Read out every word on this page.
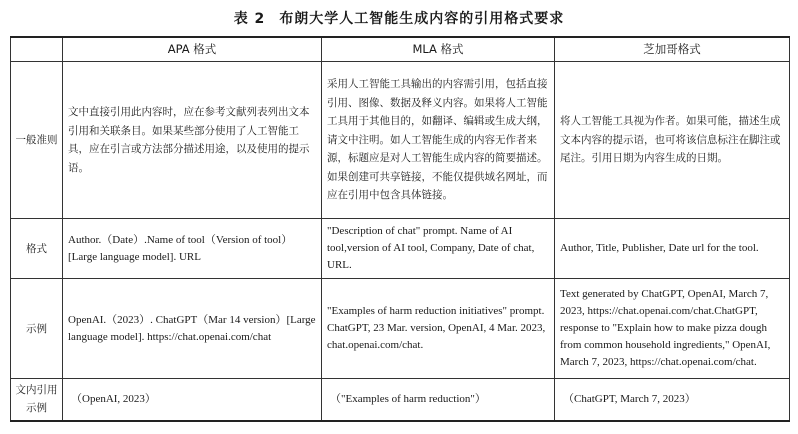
表 2 布朗大学人工智能生成内容的引用格式要求
	APA 格式	MLA 格式	芝加哥格式
一般准则	文中直接引用此内容时，应在参考文献列表列出文本引用和关联条目。如果某些部分使用了人工智能工具，应在引言或方法部分描述用途，以及使用的提示语。	采用人工智能工具输出的内容需引用，包括直接引用、图像、数据及释义内容。如果将人工智能工具用于其他目的，如翻译、编辑或生成大纲，请文中注明。如人工智能生成的内容无作者来源，标题应是对人工智能生成内容的简要描述。如果创建可共享链接，不能仅提供域名网址，而应在引用中包含具体链接。	将人工智能工具视为作者。如果可能，描述生成文本内容的提示语，也可将该信息标注在脚注或尾注。引用日期为内容生成的日期。
格式	Author.（Date）.Name of tool（Version of tool）[Large language model]. URL	"Description of chat" prompt. Name of AI tool,version of AI tool, Company, Date of chat, URL.	Author, Title, Publisher, Date url for the tool.
示例	OpenAI.（2023）. ChatGPT（Mar 14 version）[Large language model]. https://chat.openai.com/chat	"Examples of harm reduction initiatives" prompt. ChatGPT, 23 Mar. version, OpenAI, 4 Mar. 2023, chat.openai.com/chat.	Text generated by ChatGPT, OpenAI, March 7, 2023, https://chat.openai.com/chat.ChatGPT, response to "Explain how to make pizza dough from common household ingredients," OpenAI, March 7, 2023, https://chat.openai.com/chat.
文内引用示例	（OpenAI, 2023）	（"Examples of harm reduction"）	（ChatGPT, March 7, 2023）
